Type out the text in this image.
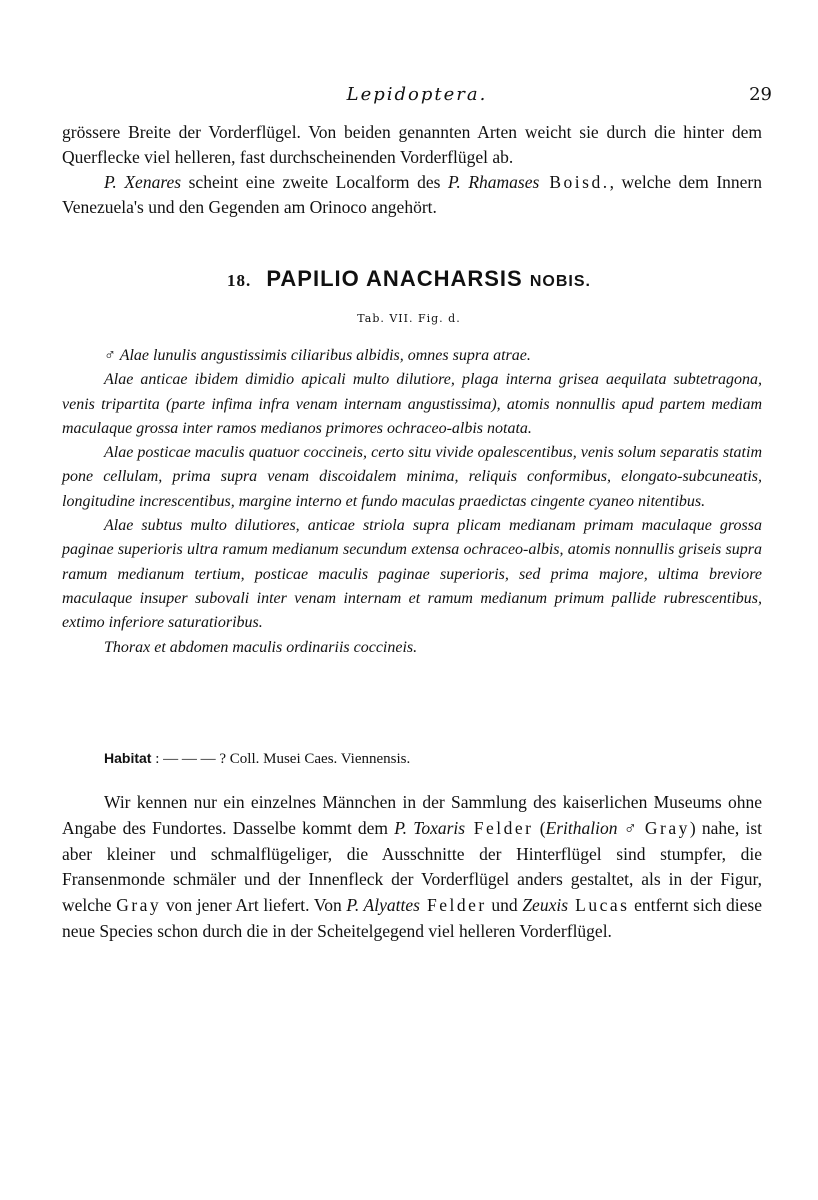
Lepidoptera.	29

grössere Breite der Vorderflügel. Von beiden genannten Arten weicht sie durch die hinter dem Querflecke viel helleren, fast durchscheinenden Vorderflügel ab.

P. Xenares scheint eine zweite Localform des P. Rhamases Boisd., welche dem Innern Venezuela's und den Gegenden am Orinoco angehört.

18. PAPILIO ANACHARSIS NOBIS.
Tab. VII. Fig. d.

♂ Alae lunulis angustissimis ciliaribus albidis, omnes supra atrae.

Alae anticae ibidem dimidio apicali multo dilutiore, plaga interna grisea aequilata subtetragona, venis tripartita (parte infima infra venam internam angustissima), atomis nonnullis apud partem mediam maculaque grossa inter ramos medianos primores ochraceo-albis notata.

Alae posticae maculis quatuor coccineis, certo situ vivide opalescentibus, venis solum separatis statim pone cellulam, prima supra venam discoidalem minima, reliquis conformibus, elongato-subcuneatis, longitudine increscentibus, margine interno et fundo maculas praedictas cingente cyaneo nitentibus.

Alae subtus multo dilutiores, anticae striola supra plicam medianam primam maculaque grossa paginae superioris ultra ramum medianum secundum extensa ochraceo-albis, atomis nonnullis griseis supra ramum medianum tertium, posticae maculis paginae superioris, sed prima majore, ultima breviore maculaque insuper subovali inter venam internam et ramum medianum primum pallide rubrescentibus, extimo inferiore saturatioribus.

Thorax et abdomen maculis ordinariis coccineis.

Habitat : — — — ? Coll. Musei Caes. Viennensis.

Wir kennen nur ein einzelnes Männchen in der Sammlung des kaiserlichen Museums ohne Angabe des Fundortes. Dasselbe kommt dem P. Toxaris Felder (Erithalion ♂ Gray) nahe, ist aber kleiner und schmalflügeliger, die Ausschnitte der Hinterflügel sind stumpfer, die Fransenmonde schmäler und der Innenfleck der Vorderflügel anders gestaltet, als in der Figur, welche Gray von jener Art liefert. Von P. Alyattes Felder und Zeuxis Lucas entfernt sich diese neue Species schon durch die in der Scheitelgegend viel helleren Vorderflügel.
